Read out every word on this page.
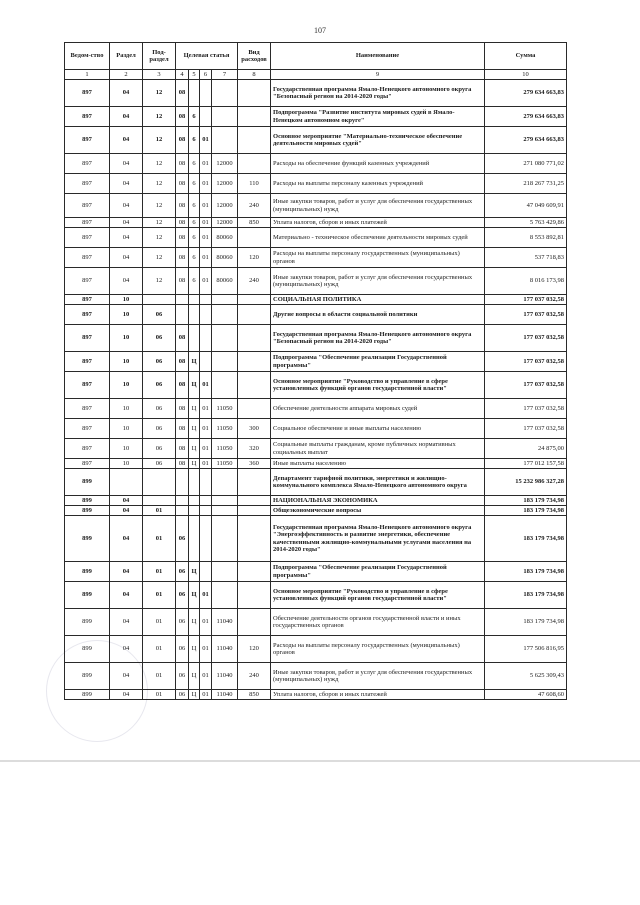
107
Ведом-ство	Раздел	Под-раздел	Целевая статья				Вид расходов	Наименование	Сумма
1	2	3	4	5	6	7	8	9	10
897	04	12	08					Государственная программа Ямало-Ненецкого автономного округа "Безопасный регион на 2014-2020 годы"	279 634 663,83
897	04	12	08	6				Подпрограмма "Развитие института мировых судей в Ямало-Ненецком автономном округе"	279 634 663,83
897	04	12	08	6	01			Основное мероприятие "Материально-техническое обеспечение деятельности мировых судей"	279 634 663,83
897	04	12	08	6	01	12000		Расходы на обеспечение функций казенных учреждений	271 080 771,02
897	04	12	08	6	01	12000	110	Расходы на выплаты персоналу казенных учреждений	218 267 731,25
897	04	12	08	6	01	12000	240	Иные закупки товаров, работ и услуг для обеспечения государственных (муниципальных) нужд	47 049 609,91
897	04	12	08	6	01	12000	850	Уплата налогов, сборов и иных платежей	5 763 429,86
897	04	12	08	6	01	80060		Материально - техническое обеспечение деятельности мировых судей	8 553 892,81
897	04	12	08	6	01	80060	120	Расходы на выплаты персоналу государственных (муниципальных) органов	537 718,83
897	04	12	08	6	01	80060	240	Иные закупки товаров, работ и услуг для обеспечения государственных (муниципальных) нужд	8 016 173,98
897	10							СОЦИАЛЬНАЯ ПОЛИТИКА	177 037 032,58
897	10	06						Другие вопросы в области социальной политики	177 037 032,58
897	10	06	08					Государственная программа Ямало-Ненецкого автономного округа "Безопасный регион на 2014-2020 годы"	177 037 032,58
897	10	06	08	Ц				Подпрограмма "Обеспечение реализации Государственной программы"	177 037 032,58
897	10	06	08	Ц	01			Основное мероприятие "Руководство и управление в сфере установленных функций органов государственной власти"	177 037 032,58
897	10	06	08	Ц	01	11050		Обеспечение деятельности аппарата мировых судей	177 037 032,58
897	10	06	08	Ц	01	11050	300	Социальное обеспечение и иные выплаты населению	177 037 032,58
897	10	06	08	Ц	01	11050	320	Социальные выплаты гражданам, кроме публичных нормативных социальных выплат	24 875,00
897	10	06	08	Ц	01	11050	360	Иные выплаты населению	177 012 157,58
899								Департамент тарифной политики, энергетики и жилищно-коммунального комплекса Ямало-Ненецкого автономного округа	15 232 986 327,28
899	04							НАЦИОНАЛЬНАЯ ЭКОНОМИКА	183 179 734,98
899	04	01						Общеэкономические вопросы	183 179 734,98
899	04	01	06					Государственная программа Ямало-Ненецкого автономного округа "Энергоэффективность и развитие энергетики, обеспечение качественными жилищно-коммунальными услугами населения на 2014-2020 годы"	183 179 734,98
899	04	01	06	Ц				Подпрограмма "Обеспечение реализации Государственной программы"	183 179 734,98
899	04	01	06	Ц	01			Основное мероприятие "Руководство и управление в сфере установленных функций органов государственной власти"	183 179 734,98
899	04	01	06	Ц	01	11040		Обеспечение деятельности органов государственной власти и иных государственных органов	183 179 734,98
899	04	01	06	Ц	01	11040	120	Расходы на выплаты персоналу государственных (муниципальных) органов	177 506 816,95
899	04	01	06	Ц	01	11040	240	Иные закупки товаров, работ и услуг для обеспечения государственных (муниципальных) нужд	5 625 309,43
899	04	01	06	Ц	01	11040	850	Уплата налогов, сборов и иных платежей	47 608,60
